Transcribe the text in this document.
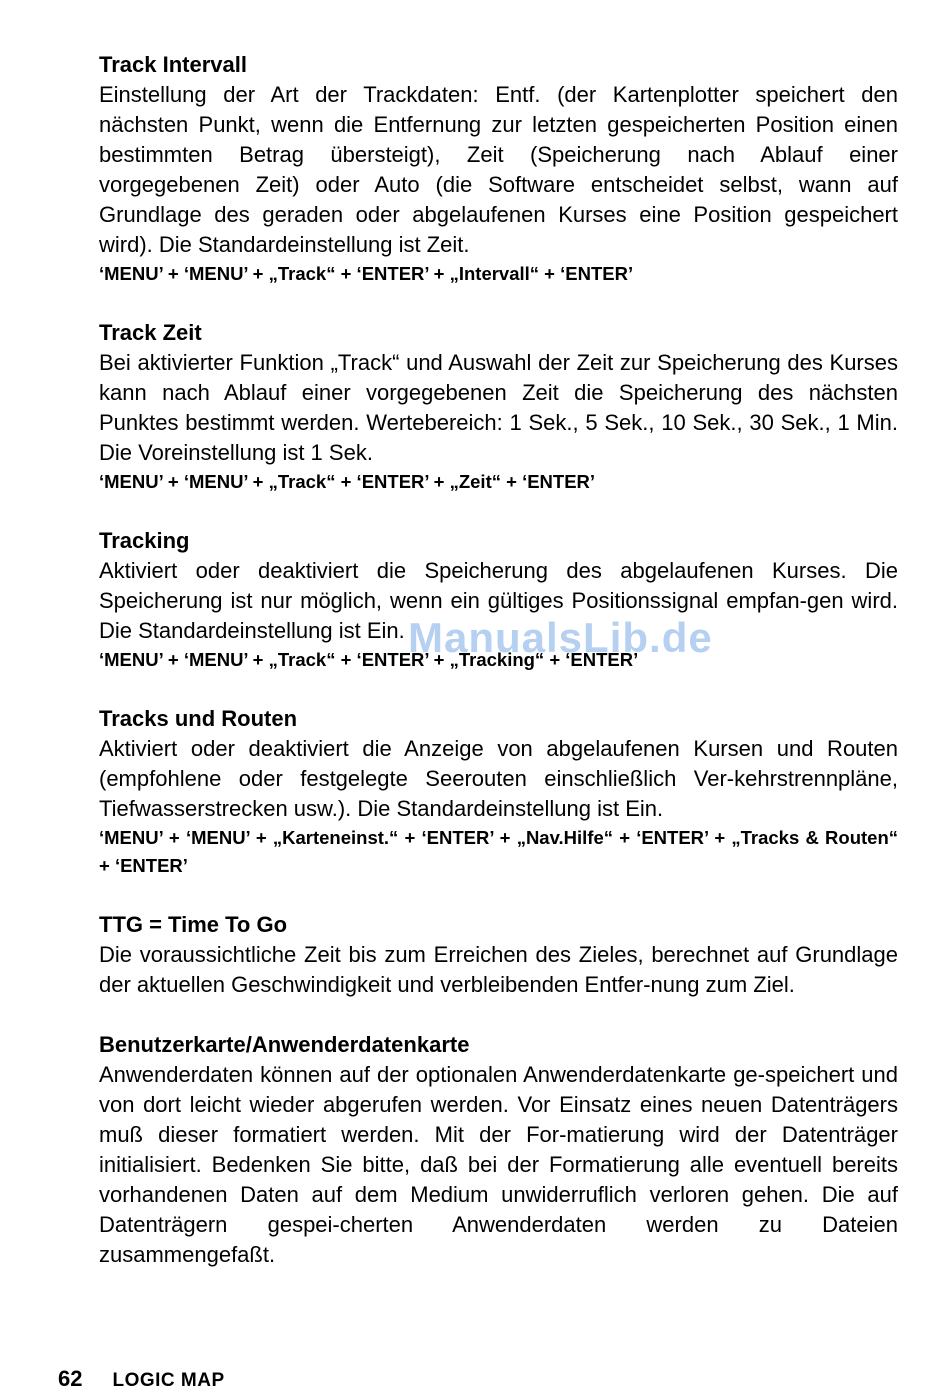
Track Intervall

Einstellung der Art der Trackdaten: Entf. (der Kartenplotter speichert den nächsten Punkt, wenn die Entfernung zur letzten gespeicherten Position einen bestimmten Betrag übersteigt), Zeit (Speicherung nach Ablauf einer vorgegebenen Zeit) oder Auto (die Software entscheidet selbst, wann auf Grundlage des geraden oder abgelaufenen Kurses eine Position gespeichert wird). Die Standardeinstellung ist Zeit.

‘MENU’ + ‘MENU’ + „Track“ + ‘ENTER’ + „Intervall“ + ‘ENTER’

Track Zeit

Bei aktivierter Funktion „Track“ und Auswahl der Zeit zur Speicherung des Kurses kann nach Ablauf einer vorgegebenen Zeit die Speicherung des nächsten Punktes bestimmt werden. Wertebereich: 1 Sek., 5 Sek., 10 Sek., 30 Sek., 1 Min. Die Voreinstellung ist 1 Sek.

‘MENU’ + ‘MENU’ + „Track“ + ‘ENTER’ + „Zeit“ + ‘ENTER’

Tracking

Aktiviert oder deaktiviert die Speicherung des abgelaufenen Kurses. Die Speicherung ist nur möglich, wenn ein gültiges Positionssignal empfan-gen wird. Die Standardeinstellung ist Ein.

‘MENU’ + ‘MENU’ + „Track“ + ‘ENTER’ + „Tracking“ + ‘ENTER’

Tracks und Routen

Aktiviert oder deaktiviert die Anzeige von abgelaufenen Kursen und Routen (empfohlene oder festgelegte Seerouten einschließlich Ver-kehrstrennpläne, Tiefwasserstrecken usw.). Die Standardeinstellung ist Ein.

‘MENU’ + ‘MENU’ + „Karteneinst.“ + ‘ENTER’ + „Nav.Hilfe“ + ‘ENTER’ + „Tracks & Routen“ + ‘ENTER’

TTG = Time To Go

Die voraussichtliche Zeit bis zum Erreichen des Zieles, berechnet auf Grundlage der aktuellen Geschwindigkeit und verbleibenden Entfer-nung zum Ziel.

Benutzerkarte/Anwenderdatenkarte

Anwenderdaten können auf der optionalen Anwenderdatenkarte ge-speichert und von dort leicht wieder abgerufen werden. Vor Einsatz eines neuen Datenträgers muß dieser formatiert werden. Mit der For-matierung wird der Datenträger initialisiert. Bedenken Sie bitte, daß bei der Formatierung alle eventuell bereits vorhandenen Daten auf dem Medium unwiderruflich verloren gehen. Die auf Datenträgern gespei-cherten Anwenderdaten werden zu Dateien zusammengefaßt.

ManualsLib.de
62 LOGIC MAP
